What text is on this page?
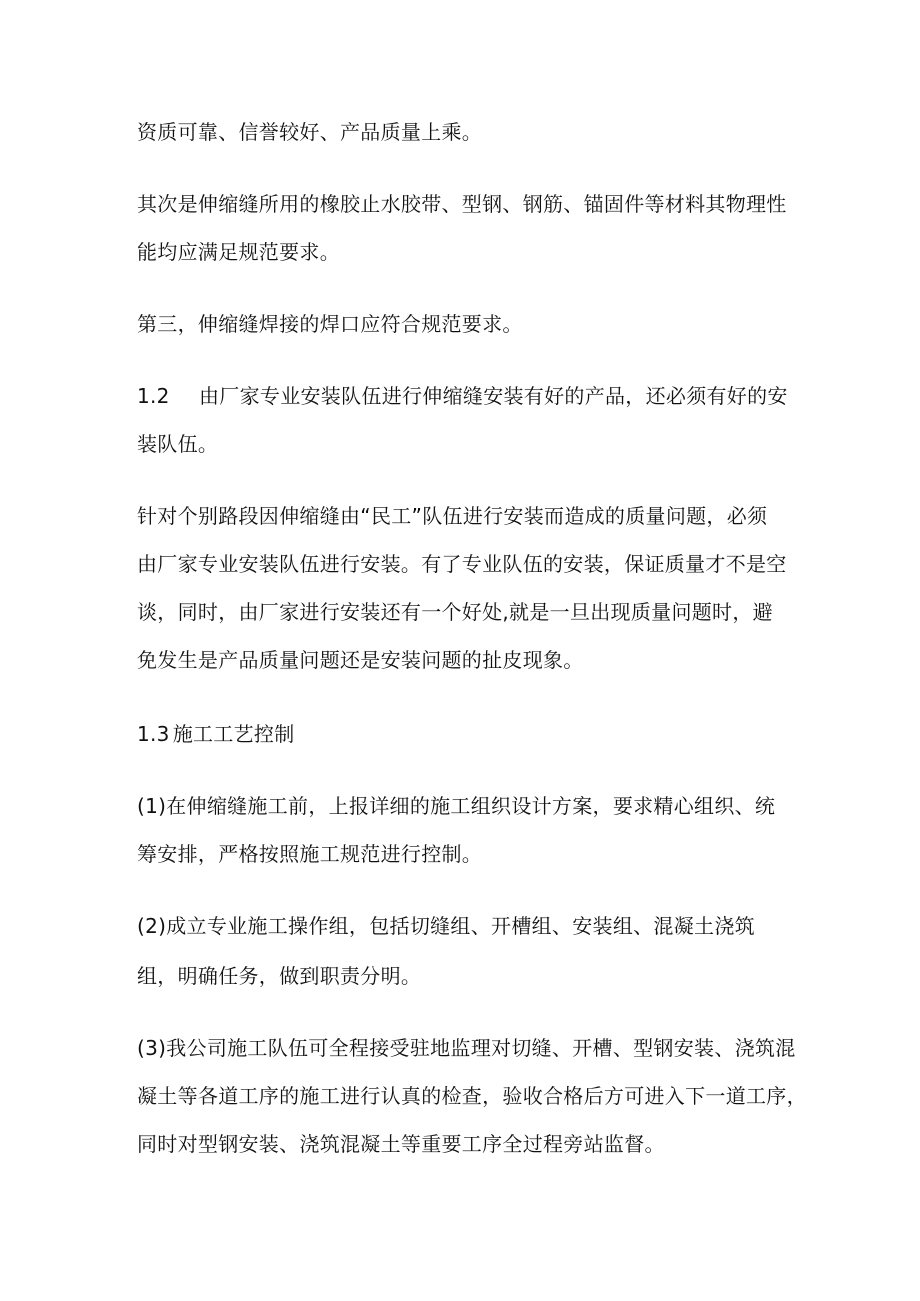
资质可靠、信誉较好、产品质量上乘。
其次是伸缩缝所用的橡胶止水胶带、型钢、钢筋、锚固件等材料其物理性
能均应满足规范要求。
第三，伸缩缝焊接的焊口应符合规范要求。
1.2 由厂家专业安装队伍进行伸缩缝安装有好的产品，还必须有好的安
装队伍。
针对个别路段因伸缩缝由“民工”队伍进行安装而造成的质量问题，必须
由厂家专业安装队伍进行安装。有了专业队伍的安装，保证质量才不是空
谈，同时，由厂家进行安装还有一个好处,就是一旦出现质量问题时，避
免发生是产品质量问题还是安装问题的扯皮现象。
1.3 施工工艺控制
(1)在伸缩缝施工前，上报详细的施工组织设计方案，要求精心组织、统
筹安排，严格按照施工规范进行控制。
(2)成立专业施工操作组，包括切缝组、开槽组、安装组、混凝土浇筑
组，明确任务，做到职责分明。
(3)我公司施工队伍可全程接受驻地监理对切缝、开槽、型钢安装、浇筑混
凝土等各道工序的施工进行认真的检查，验收合格后方可进入下一道工序，
同时对型钢安装、浇筑混凝土等重要工序全过程旁站监督。
